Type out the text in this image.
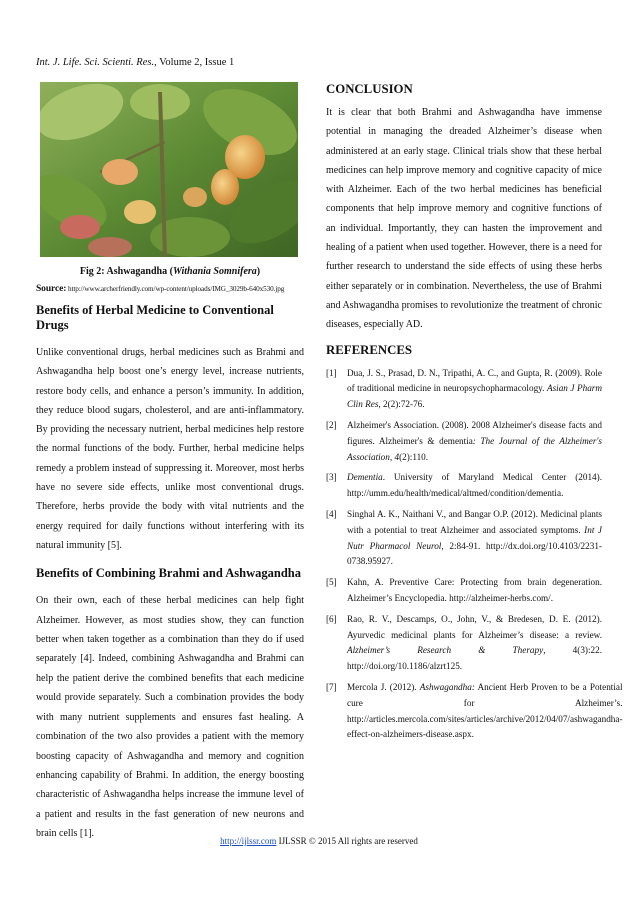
Int. J. Life. Sci. Scienti. Res., Volume 2, Issue 1
Fig 2: Ashwagandha (Withania Somnifera)
Source: http://www.archerfriendly.com/wp-content/uploads/IMG_3029b-640x530.jpg
Benefits of Herbal Medicine to Conventional Drugs

Unlike conventional drugs, herbal medicines such as Brahmi and Ashwagandha help boost one’s energy level, increase nutrients, restore body cells, and enhance a person’s immunity. In addition, they reduce blood sugars, cholesterol, and are anti-inflammatory. By providing the necessary nutrient, herbal medicines help restore the normal functions of the body. Further, herbal medicine helps remedy a problem instead of suppressing it. Moreover, most herbs have no severe side effects, unlike most conventional drugs. Therefore, herbs provide the body with vital nutrients and the energy required for daily functions without interfering with its natural immunity [5].

Benefits of Combining Brahmi and Ashwagandha

On their own, each of these herbal medicines can help fight Alzheimer. However, as most studies show, they can function better when taken together as a combination than they do if used separately [4]. Indeed, combining Ashwagandha and Brahmi can help the patient derive the combined benefits that each medicine would provide separately. Such a combination provides the body with many nutrient supplements and ensures fast healing. A combination of the two also provides a patient with the memory boosting capacity of Ashwagandha and memory and cognition enhancing capability of Brahmi. In addition, the energy boosting characteristic of Ashwagandha helps increase the immune level of a patient and results in the fast generation of new neurons and brain cells [1].

CONCLUSION

It is clear that both Brahmi and Ashwagandha have immense potential in managing the dreaded Alzheimer’s disease when administered at an early stage. Clinical trials show that these herbal medicines can help improve memory and cognitive capacity of mice with Alzheimer. Each of the two herbal medicines has beneficial components that help improve memory and cognitive functions of an individual. Importantly, they can hasten the improvement and healing of a patient when used together. However, there is a need for further research to understand the side effects of using these herbs either separately or in combination. Nevertheless, the use of Brahmi and Ashwagandha promises to revolutionize the treatment of chronic diseases, especially AD.

REFERENCES
[1]	Dua, J. S., Prasad, D. N., Tripathi, A. C., and Gupta, R. (2009). Role of traditional medicine in neuropsychopharmacology. Asian J Pharm Clin Res, 2(2):72-76.
[2]	Alzheimer's Association. (2008). 2008 Alzheimer's disease facts and figures. Alzheimer's & dementia: The Journal of the Alzheimer's Association, 4(2):110.
[3]	Dementia. University of Maryland Medical Center (2014). http://umm.edu/health/medical/altmed/condition/dementia.
[4]	Singhal A. K., Naithani V., and Bangar O.P. (2012). Medicinal plants with a potential to treat Alzheimer and associated symptoms. Int J Nutr Pharmacol Neurol, 2:84-91. http://dx.doi.org/10.4103/2231-0738.95927.
[5]	Kahn, A. Preventive Care: Protecting from brain degeneration. Alzheimer’s Encyclopedia. http://alzheimer-herbs.com/.
[6]	Rao, R. V., Descamps, O., John, V., & Bredesen, D. E. (2012). Ayurvedic medicinal plants for Alzheimer’s disease: a review. Alzheimer’s Research & Therapy, 4(3):22. http://doi.org/10.1186/alzrt125.
[7]	Mercola J. (2012). Ashwagandha: Ancient Herb Proven to be a Potential cure for Alzheimer’s. http://articles.mercola.com/sites/articles/archive/2012/04/07/ashwagandha-effect-on-alzheimers-disease.aspx.
http://ijlssr.com IJLSSR © 2015 All rights are reserved
